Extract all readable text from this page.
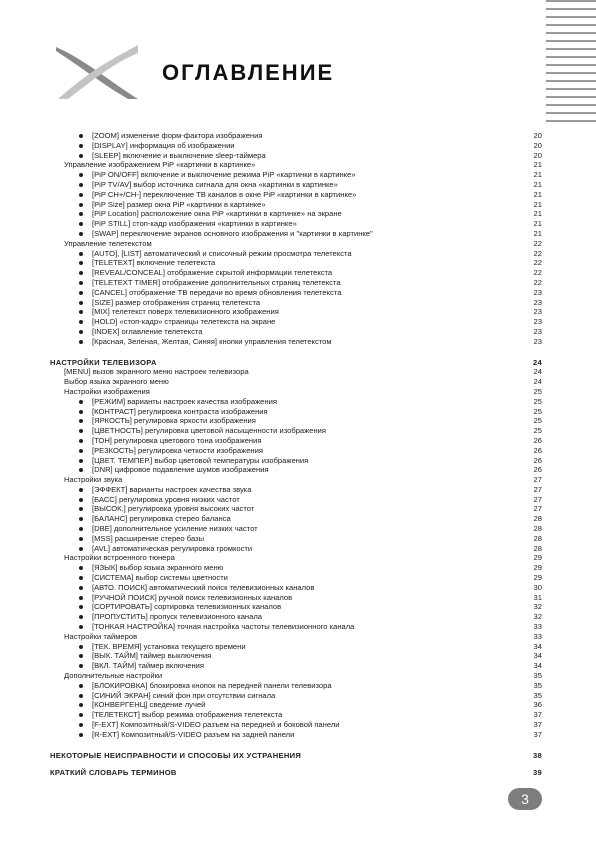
ОГЛАВЛЕНИЕ
[ZOOM] изменение форм-фактора изображения	20
[DISPLAY] информация об изображении	20
[SLEEP] включение и выключение sleep-таймера	20
Управление изображением PiP «картинки в картинке»	21
[PiP ON/OFF] включение и выключение режима PiP «картинки в картинке»	21
[PiP TV/AV] выбор источника сигнала для окна «картинки в картинке»	21
[PiP CH+/CH-] переключение ТВ каналов в окне PiP «картинки в картинке»	21
[PiP Size] размер окна PiP «картинки в картинке»	21
[PiP Location] расположение окна PiP «картинки в картинке» на экране	21
[PiP STILL] стоп-кадр изображения «картинки в картинке»	21
[SWAP] переключение экранов основного изображения и "картинки в картинке"	21
Управление телетекстом	22
[AUTO], [LIST] автоматический и списочный режим просмотра телетекста	22
[TELETEXT] включение телетекста	22
[REVEAL/CONCEAL] отображение скрытой информации телетекста	22
[TELETEXT TIMER] отображение дополнительных страниц телетекста	22
[CANCEL] отображение ТВ передачи во время обновления телетекста	23
[SIZE] размер отображения страниц телетекста	23
[MIX] телетекст поверх телевизионного изображения	23
[HOLD] «стоп-кадр» страницы телетекста на экране	23
[INDEX] оглавление телетекста	23
[Красная, Зеленая, Желтая, Синяя] кнопки управления телетекстом	23
НАСТРОЙКИ ТЕЛЕВИЗОРА	24
[MENU] вызов экранного меню настроек телевизора	24
Выбор языка экранного меню	24
Настройки изображения	25
[РЕЖИМ] варианты настроек качества изображения	25
[КОНТРАСТ] регулировка контраста изображения	25
[ЯРКОСТЬ] регулировка яркости изображения	25
[ЦВЕТНОСТЬ] регулировка цветовой насыщенности изображения	25
[ТОН] регулировка цветового тона изображения	26
[РЕЗКОСТЬ] регулировка четкости изображения	26
[ЦВЕТ. ТЕМПЕР.] выбор цветовой температуры изображения	26
[DNR] цифровое подавление шумов изображения	26
Настройки звука	27
[ЭФФЕКТ] варианты настроек качества звука	27
[БАСС] регулировка уровня низких частот	27
[ВЫСОК.] регулировка уровня высоких частот	27
[БАЛАНС] регулировка стерео баланса	28
[DBE] дополнительное усиление низких частот	28
[MSS] расширение стерео базы	28
[AVL] автоматическая регулировка громкости	28
Настройки встроенного тюнера	29
[ЯЗЫК] выбор языка экранного меню	29
[СИСТЕМА] выбор системы цветности	29
[АВТО. ПОИСК] автоматический поиск телевизионных каналов	30
[РУЧНОЙ ПОИСК] ручной поиск телевизионных каналов	31
[СОРТИРОВАТЬ] сортировка телевизионных каналов	32
[ПРОПУСТИТЬ] пропуск телевизионного канала	32
[ТОНКАЯ НАСТРОЙКА] точная настройка частоты телевизионного канала	33
Настройки таймеров	33
[ТЕК. ВРЕМЯ] установка текущего времени	34
[ВЫК. ТАЙМ] таймер выключения	34
[ВКЛ. ТАЙМ] таймер включения	34
Дополнительные настройки	35
[БЛОКИРОВКА] блокировка кнопок на передней панели телевизора	35
[СИНИЙ ЭКРАН] синий фон при отсутствии сигнала	35
[КОНВЕРГЕНЦ] сведение лучей	36
[ТЕЛЕТЕКСТ] выбор режима отображения телетекста	37
[F-EXT] Композитный/S-VIDEO разъем на передней и боковой панели	37
[R-EXT] Композитный/S-VIDEO разъем на задней панели	37
НЕКОТОРЫЕ НЕИСПРАВНОСТИ И СПОСОБЫ ИХ УСТРАНЕНИЯ	38
КРАТКИЙ СЛОВАРЬ ТЕРМИНОВ	39
3
